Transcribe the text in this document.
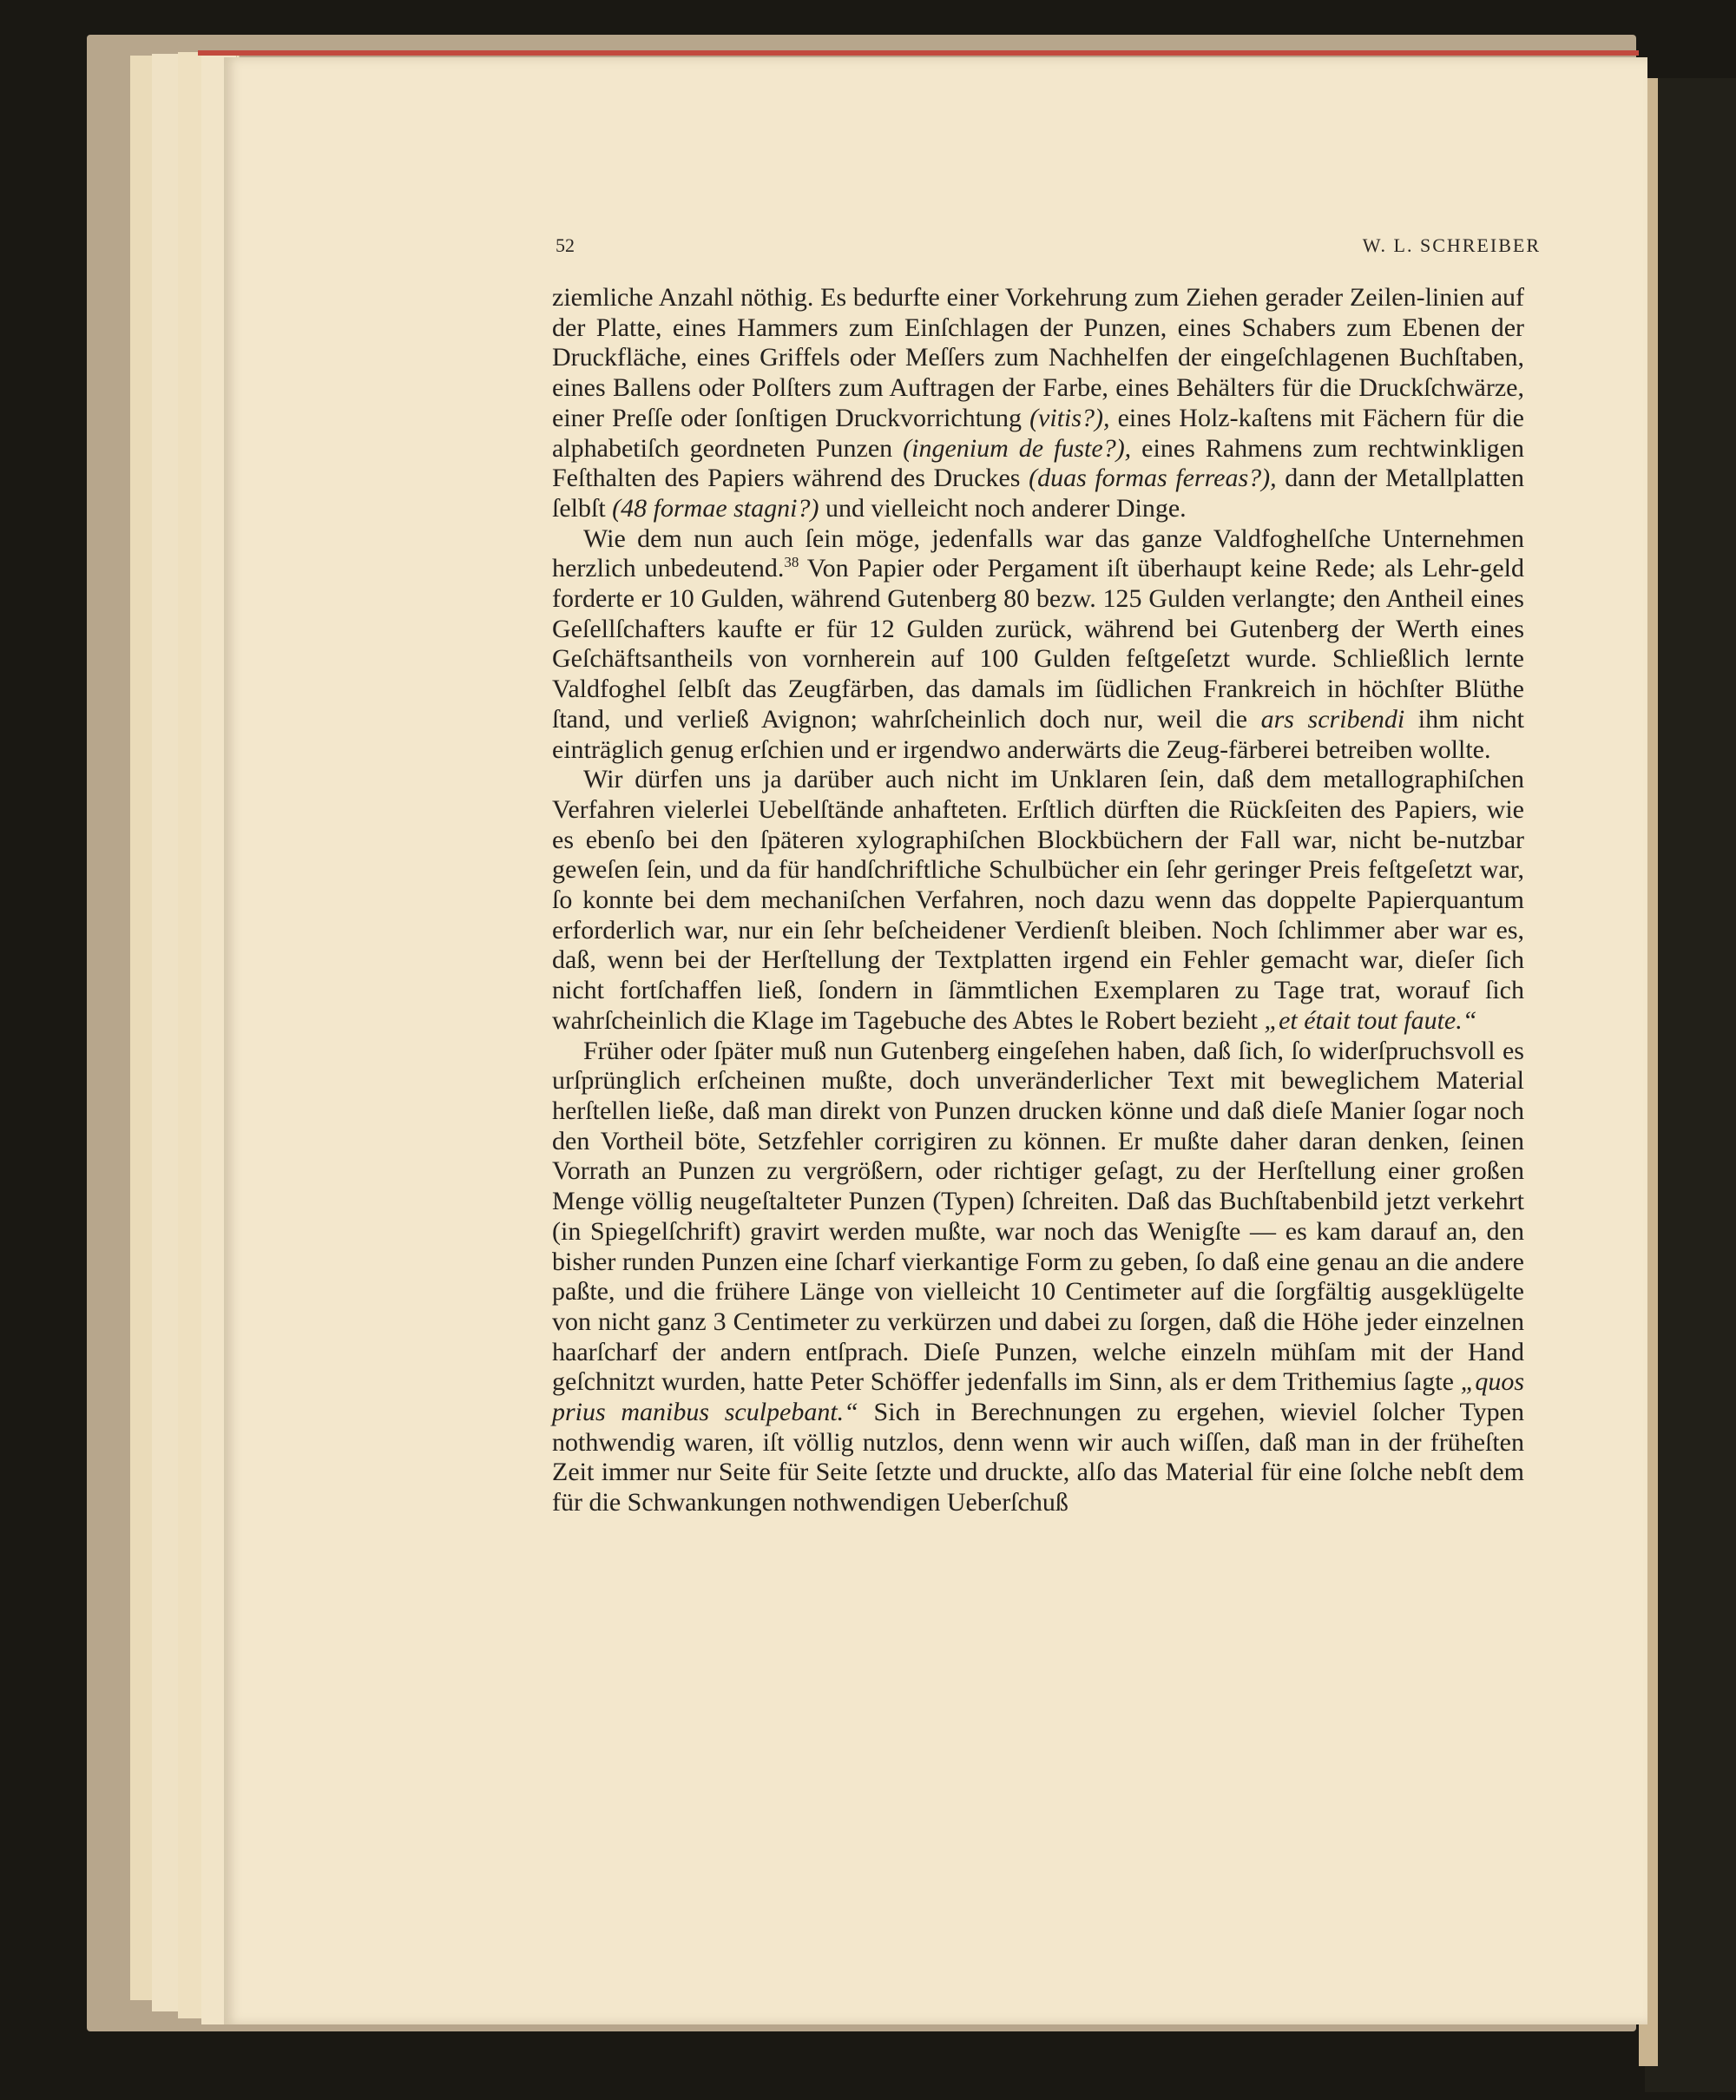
52	W. L. SCHREIBER

ziemliche Anzahl nöthig. Es bedurfte einer Vorkehrung zum Ziehen gerader Zeilen-linien auf der Platte, eines Hammers zum Einſchlagen der Punzen, eines Schabers zum Ebenen der Druckfläche, eines Griffels oder Meſſers zum Nachhelfen der eingeſchlagenen Buchſtaben, eines Ballens oder Polſters zum Auftragen der Farbe, eines Behälters für die Druckſchwärze, einer Preſſe oder ſonſtigen Druckvorrichtung (vitis?), eines Holz-kaſtens mit Fächern für die alphabetiſch geordneten Punzen (ingenium de fuste?), eines Rahmens zum rechtwinkligen Feſthalten des Papiers während des Druckes (duas formas ferreas?), dann der Metallplatten ſelbſt (48 formae stagni?) und vielleicht noch anderer Dinge.

Wie dem nun auch ſein möge, jedenfalls war das ganze Valdfoghelſche Unternehmen herzlich unbedeutend.$^{38}$ Von Papier oder Pergament iſt überhaupt keine Rede; als Lehr-geld forderte er 10 Gulden, während Gutenberg 80 bezw. 125 Gulden verlangte; den Antheil eines Geſellſchafters kaufte er für 12 Gulden zurück, während bei Gutenberg der Werth eines Geſchäftsantheils von vornherein auf 100 Gulden feſtgeſetzt wurde. Schließlich lernte Valdfoghel ſelbſt das Zeugfärben, das damals im ſüdlichen Frankreich in höchſter Blüthe ſtand, und verließ Avignon; wahrſcheinlich doch nur, weil die ars scribendi ihm nicht einträglich genug erſchien und er irgendwo anderwärts die Zeug-färberei betreiben wollte.

Wir dürfen uns ja darüber auch nicht im Unklaren ſein, daß dem metallographiſchen Verfahren vielerlei Uebelſtände anhafteten. Erſtlich dürften die Rückſeiten des Papiers, wie es ebenſo bei den ſpäteren xylographiſchen Blockbüchern der Fall war, nicht be-nutzbar geweſen ſein, und da für handſchriftliche Schulbücher ein ſehr geringer Preis feſtgeſetzt war, ſo konnte bei dem mechaniſchen Verfahren, noch dazu wenn das doppelte Papierquantum erforderlich war, nur ein ſehr beſcheidener Verdienſt bleiben. Noch ſchlimmer aber war es, daß, wenn bei der Herſtellung der Textplatten irgend ein Fehler gemacht war, dieſer ſich nicht fortſchaffen ließ, ſondern in ſämmtlichen Exemplaren zu Tage trat, worauf ſich wahrſcheinlich die Klage im Tagebuche des Abtes le Robert bezieht „et était tout faute.“

Früher oder ſpäter muß nun Gutenberg eingeſehen haben, daß ſich, ſo widerſpruchsvoll es urſprünglich erſcheinen mußte, doch unveränderlicher Text mit beweglichem Material herſtellen ließe, daß man direkt von Punzen drucken könne und daß dieſe Manier ſogar noch den Vortheil böte, Setzfehler corrigiren zu können. Er mußte daher daran denken, ſeinen Vorrath an Punzen zu vergrößern, oder richtiger geſagt, zu der Herſtellung einer großen Menge völlig neugeſtalteter Punzen (Typen) ſchreiten. Daß das Buchſtabenbild jetzt verkehrt (in Spiegelſchrift) gravirt werden mußte, war noch das Wenigſte — es kam darauf an, den bisher runden Punzen eine ſcharf vierkantige Form zu geben, ſo daß eine genau an die andere paßte, und die frühere Länge von vielleicht 10 Centimeter auf die ſorgfältig ausgeklügelte von nicht ganz 3 Centimeter zu verkürzen und dabei zu ſorgen, daß die Höhe jeder einzelnen haarſcharf der andern entſprach. Dieſe Punzen, welche einzeln mühſam mit der Hand geſchnitzt wurden, hatte Peter Schöffer jedenfalls im Sinn, als er dem Trithemius ſagte „quos prius manibus sculpebant.“ Sich in Berechnungen zu ergehen, wieviel ſolcher Typen nothwendig waren, iſt völlig nutzlos, denn wenn wir auch wiſſen, daß man in der früheſten Zeit immer nur Seite für Seite ſetzte und druckte, alſo das Material für eine ſolche nebſt dem für die Schwankungen nothwendigen Ueberſchuß
